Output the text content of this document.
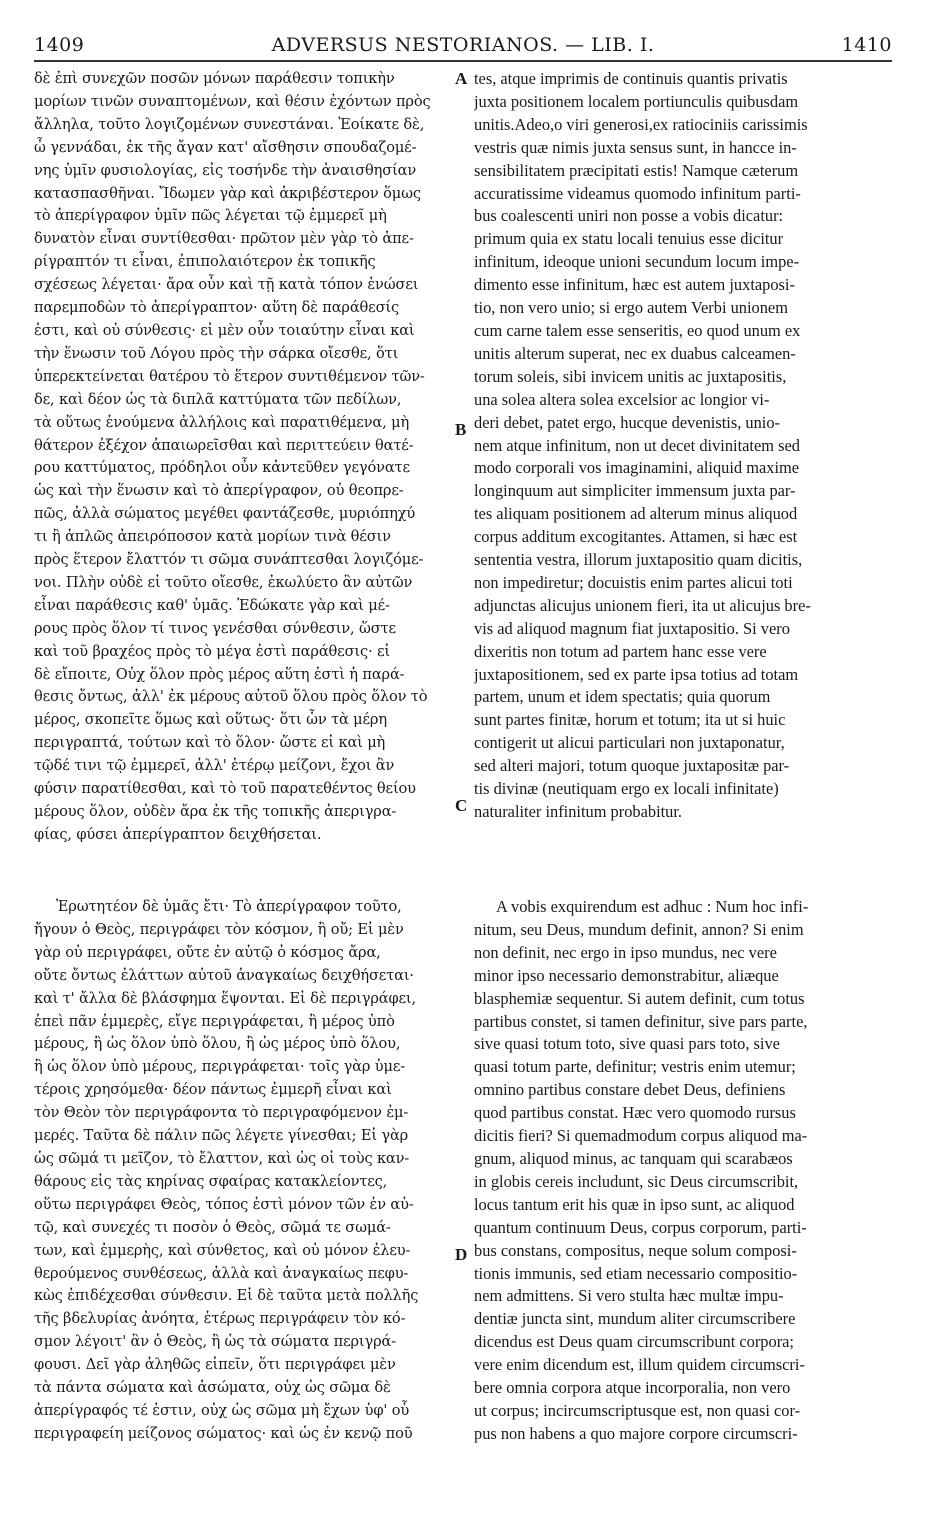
1409	ADVERSUS NESTORIANOS. — LIB. I.	1410

δὲ ἐπὶ συνεχῶν ποσῶν μόνων παράθεσιν τοπικὴν

μορίων τινῶν συναπτομένων, καὶ θέσιν ἐχόντων πρὸς

ἄλληλα, τοῦτο λογιζομένων συνεστάναι. Ἐοίκατε δὲ,

ὦ γεννάδαι, ἐκ τῆς ἄγαν κατ' αἴσθησιν σπουδαζομέ-

νης ὑμῖν φυσιολογίας, εἰς τοσήνδε τὴν ἀναισθησίαν

κατασπασθῆναι. Ἴδωμεν γὰρ καὶ ἀκριβέστερον ὅμως

τὸ ἀπερίγραφον ὑμῖν πῶς λέγεται τῷ ἐμμερεῖ μὴ

δυνατὸν εἶναι συντίθεσθαι· πρῶτον μὲν γὰρ τὸ ἀπε-

ρίγραπτόν τι εἶναι, ἐπιπολαιότερον ἐκ τοπικῆς

σχέσεως λέγεται· ἄρα οὖν καὶ τῇ κατὰ τόπον ἑνώσει

παρεμποδὼν τὸ ἀπερίγραπτον· αὕτη δὲ παράθεσίς

ἐστι, καὶ οὐ σύνθεσις· εἰ μὲν οὖν τοιαύτην εἶναι καὶ

τὴν ἕνωσιν τοῦ Λόγου πρὸς τὴν σάρκα οἴεσθε, ὅτι

ὑπερεκτείνεται θατέρου τὸ ἕτερον συντιθέμενον τῶν-

δε, καὶ δέον ὡς τὰ διπλᾶ καττύματα τῶν πεδίλων,

τὰ οὕτως ἑνούμενα ἀλλήλοις καὶ παρατιθέμενα, μὴ

θάτερον ἐξέχον ἀπαιωρεῖσθαι καὶ περιττεύειν θατέ-

ρου καττύματος, πρόδηλοι οὖν κἀντεῦθεν γεγόνατε

ὡς καὶ τὴν ἕνωσιν καὶ τὸ ἀπερίγραφον, οὐ θεοπρε-

πῶς, ἀλλὰ σώματος μεγέθει φαντάζεσθε, μυριόπηχύ

τι ἢ ἁπλῶς ἀπειρόποσον κατὰ μορίων τινὰ θέσιν

πρὸς ἕτερον ἔλαττόν τι σῶμα συνάπτεσθαι λογιζόμε-

νοι. Πλὴν οὐδὲ εἰ τοῦτο οἴεσθε, ἐκωλύετο ἂν αὐτῶν

εἶναι παράθεσις καθ' ὑμᾶς. Ἐδώκατε γὰρ καὶ μέ-

ρους πρὸς ὅλον τί τινος γενέσθαι σύνθεσιν, ὥστε

καὶ τοῦ βραχέος πρὸς τὸ μέγα ἐστὶ παράθεσις· εἰ

δὲ εἴποιτε, Οὐχ ὅλον πρὸς μέρος αὕτη ἐστὶ ἡ παρά-

θεσις ὄντως, ἀλλ' ἐκ μέρους αὐτοῦ ὅλου πρὸς ὅλον τὸ

μέρος, σκοπεῖτε ὅμως καὶ οὕτως· ὅτι ὧν τὰ μέρη

περιγραπτά, τούτων καὶ τὸ ὅλον· ὥστε εἰ καὶ μὴ

τῷδέ τινι τῷ ἐμμερεῖ, ἀλλ' ἑτέρῳ μείζονι, ἔχοι ἂν

φύσιν παρατίθεσθαι, καὶ τὸ τοῦ παρατεθέντος θείου

μέρους ὅλον, οὐδὲν ἄρα ἐκ τῆς τοπικῆς ἀπεριγρα-

φίας, φύσει ἀπερίγραπτον δειχθήσεται.

tes, atque imprimis de continuis quantis privatis

juxta positionem localem portiunculis quibusdam

unitis.Adeo,o viri generosi,ex ratiociniis carissimis

vestris quæ nimis juxta sensus sunt, in hancce in-

sensibilitatem præcipitati estis! Namque cæterum

accuratissime videamus quomodo infinitum parti-

bus coalescenti uniri non posse a vobis dicatur:

primum quia ex statu locali tenuius esse dicitur

infinitum, ideoque unioni secundum locum impe-

dimento esse infinitum, hæc est autem juxtaposi-

tio, non vero unio; si ergo autem Verbi unionem

cum carne talem esse senseritis, eo quod unum ex

unitis alterum superat, nec ex duabus calceamen-

torum soleis, sibi invicem unitis ac juxtapositis,

una solea altera solea excelsior ac longior vi-

deri debet, patet ergo, hucque devenistis, unio-

nem atque infinitum, non ut decet divinitatem sed

modo corporali vos imaginamini, aliquid maxime

longinquum aut simpliciter immensum juxta par-

tes aliquam positionem ad alterum minus aliquod

corpus additum excogitantes. Attamen, si hæc est

sententia vestra, illorum juxtapositio quam dicitis,

non impediretur; docuistis enim partes alicui toti

adjunctas alicujus unionem fieri, ita ut alicujus bre-

vis ad aliquod magnum fiat juxtapositio. Si vero

dixeritis non totum ad partem hanc esse vere

juxtapositionem, sed ex parte ipsa totius ad totam

partem, unum et idem spectatis; quia quorum

sunt partes finitæ, horum et totum; ita ut si huic

contigerit ut alicui particulari non juxtaponatur,

sed alteri majori, totum quoque juxtapositæ par-

tis divinæ (neutiquam ergo ex locali infinitate)

naturaliter infinitum probabitur.

Ἐρωτητέον δὲ ὑμᾶς ἔτι· Τὸ ἀπερίγραφον τοῦτο,

ἤγουν ὁ Θεὸς, περιγράφει τὸν κόσμον, ἢ οὔ; Εἰ μὲν

γὰρ οὐ περιγράφει, οὔτε ἐν αὐτῷ ὁ κόσμος ἄρα,

οὔτε ὄντως ἐλάττων αὐτοῦ ἀναγκαίως δειχθήσεται·

καὶ τ' ἄλλα δὲ βλάσφημα ἕψονται. Εἰ δὲ περιγράφει,

ἐπεὶ πᾶν ἐμμερὲς, εἴγε περιγράφεται, ἢ μέρος ὑπὸ

μέρους, ἢ ὡς ὅλον ὑπὸ ὅλου, ἢ ὡς μέρος ὑπὸ ὅλου,

ἢ ὡς ὅλον ὑπὸ μέρους, περιγράφεται· τοῖς γὰρ ὑμε-

τέροις χρησόμεθα· δέον πάντως ἐμμερῆ εἶναι καὶ

τὸν Θεὸν τὸν περιγράφοντα τὸ περιγραφόμενον ἐμ-

μερές. Ταῦτα δὲ πάλιν πῶς λέγετε γίνεσθαι; Εἰ γὰρ

ὡς σῶμά τι μεῖζον, τὸ ἔλαττον, καὶ ὡς οἱ τοὺς καν-

θάρους εἰς τὰς κηρίνας σφαίρας κατακλείοντες,

οὕτω περιγράφει Θεὸς, τόπος ἐστὶ μόνον τῶν ἐν αὐ-

τῷ, καὶ συνεχές τι ποσὸν ὁ Θεὸς, σῶμά τε σωμά-

των, καὶ ἐμμερὴς, καὶ σύνθετος, καὶ οὐ μόνον ἐλευ-

θερούμενος συνθέσεως, ἀλλὰ καὶ ἀναγκαίως πεφυ-

κὼς ἐπιδέχεσθαι σύνθεσιν. Εἰ δὲ ταῦτα μετὰ πολλῆς

τῆς βδελυρίας ἀνόητα, ἑτέρως περιγράφειν τὸν κό-

σμον λέγοιτ' ἂν ὁ Θεὸς, ἢ ὡς τὰ σώματα περιγρά-

φουσι. Δεῖ γὰρ ἀληθῶς εἰπεῖν, ὅτι περιγράφει μὲν

τὰ πάντα σώματα καὶ ἀσώματα, οὐχ ὡς σῶμα δὲ

ἀπερίγραφός τέ ἐστιν, οὐχ ὡς σῶμα μὴ ἔχων ὑφ' οὗ

περιγραφείη μείζονος σώματος· καὶ ὡς ἐν κενῷ ποῦ

A vobis exquirendum est adhuc : Num hoc infi-

nitum, seu Deus, mundum definit, annon? Si enim

non definit, nec ergo in ipso mundus, nec vere

minor ipso necessario demonstrabitur, aliæque

blasphemiæ sequentur. Si autem definit, cum totus

partibus constet, si tamen definitur, sive pars parte,

sive quasi totum toto, sive quasi pars toto, sive

quasi totum parte, definitur; vestris enim utemur;

omnino partibus constare debet Deus, definiens

quod partibus constat. Hæc vero quomodo rursus

dicitis fieri? Si quemadmodum corpus aliquod ma-

gnum, aliquod minus, ac tanquam qui scarabæos

in globis cereis includunt, sic Deus circumscribit,

locus tantum erit his quæ in ipso sunt, ac aliquod

quantum continuum Deus, corpus corporum, parti-

bus constans, compositus, neque solum composi-

tionis immunis, sed etiam necessario compositio-

nem admittens. Si vero stulta hæc multæ impu-

dentiæ juncta sint, mundum aliter circumscribere

dicendus est Deus quam circumscribunt corpora;

vere enim dicendum est, illum quidem circumscri-

bere omnia corpora atque incorporalia, non vero

ut corpus; incircumscriptusque est, non quasi cor-

pus non habens a quo majore corpore circumscri-

A
B
C
D
